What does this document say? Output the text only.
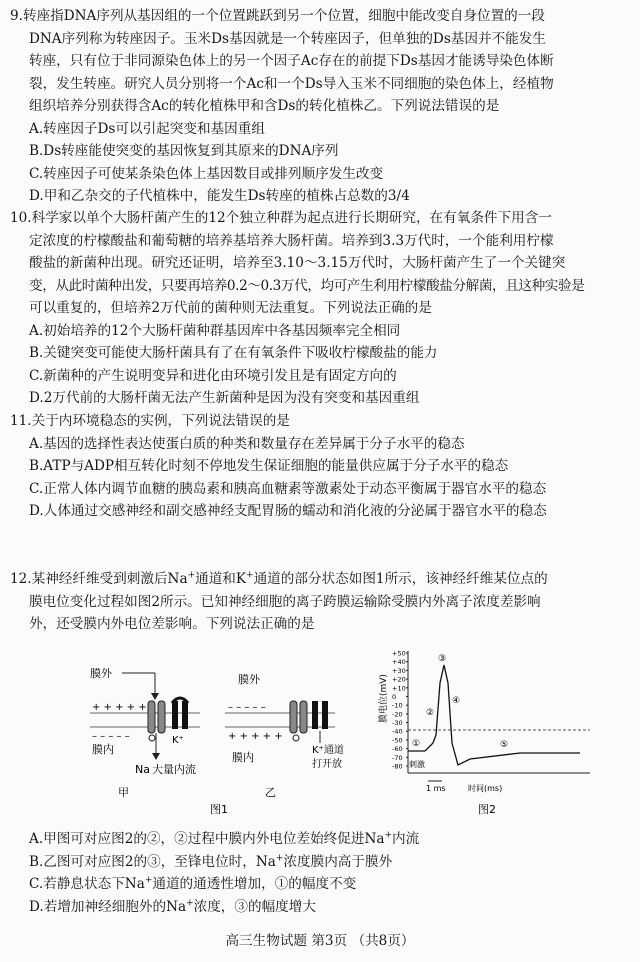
9.转座指DNA序列从基因组的一个位置跳跃到另一个位置，细胞中能改变自身位置的一段
DNA序列称为转座因子。玉米Ds基因就是一个转座因子，但单独的Ds基因并不能发生
转座，只有位于非同源染色体上的另一个因子Ac存在的前提下Ds基因才能诱导染色体断
裂，发生转座。研究人员分别将一个Ac和一个Ds导入玉米不同细胞的染色体上，经植物
组织培养分别获得含Ac的转化植株甲和含Ds的转化植株乙。下列说法错误的是
A.转座因子Ds可以引起突变和基因重组
B.Ds转座能使突变的基因恢复到其原来的DNA序列
C.转座因子可使某条染色体上基因数目或排列顺序发生改变
D.甲和乙杂交的子代植株中，能发生Ds转座的植株占总数的3/4
10.科学家以单个大肠杆菌产生的12个独立种群为起点进行长期研究，在有氧条件下用含一
定浓度的柠檬酸盐和葡萄糖的培养基培养大肠杆菌。培养到3.3万代时，一个能利用柠檬
酸盐的新菌种出现。研究还证明，培养至3.10～3.15万代时，大肠杆菌产生了一个关键突
变，从此时菌种出发，只要再培养0.2～0.3万代，均可产生利用柠檬酸盐分解菌，且这种实验是
可以重复的，但培养2万代前的菌种则无法重复。下列说法正确的是
A.初始培养的12个大肠杆菌种群基因库中各基因频率完全相同
B.关键突变可能使大肠杆菌具有了在有氧条件下吸收柠檬酸盐的能力
C.新菌种的产生说明变异和进化由环境引发且是有固定方向的
D.2万代前的大肠杆菌无法产生新菌种是因为没有突变和基因重组
11.关于内环境稳态的实例，下列说法错误的是
A.基因的选择性表达使蛋白质的种类和数量存在差异属于分子水平的稳态
B.ATP与ADP相互转化时刻不停地发生保证细胞的能量供应属于分子水平的稳态
C.正常人体内调节血糖的胰岛素和胰高血糖素等激素处于动态平衡属于器官水平的稳态
D.人体通过交感神经和副交感神经支配胃肠的蠕动和消化液的分泌属于器官水平的稳态
12.某神经纤维受到刺激后Na+通道和K+通道的部分状态如图1所示，该神经纤维某位点的
膜电位变化过程如图2所示。已知神经细胞的离子跨膜运输除受膜内外离子浓度差影响
外，还受膜内外电位差影响。下列说法正确的是
膜外
+ + + + +
– – – – –	K⁺
膜内
Na 大量内流
甲
膜外
– – – – –
+ + + + +
膜内
K⁺通道
打开放
乙
图1
+50
+40
+30
+20
+10
0
-10
-20
-30
-40
-50
-60
-70
-80
膜电位(mV)
①
②
③
④
⑤
刺激
1 ms	时间(ms)
图2
A.甲图可对应图2的②，②过程中膜内外电位差始终促进Na+内流
B.乙图可对应图2的③，至锋电位时，Na+浓度膜内高于膜外
C.若静息状态下Na+通道的通透性增加，①的幅度不变
D.若增加神经细胞外的Na+浓度，③的幅度增大
高三生物试题 第3页 （共8页）
